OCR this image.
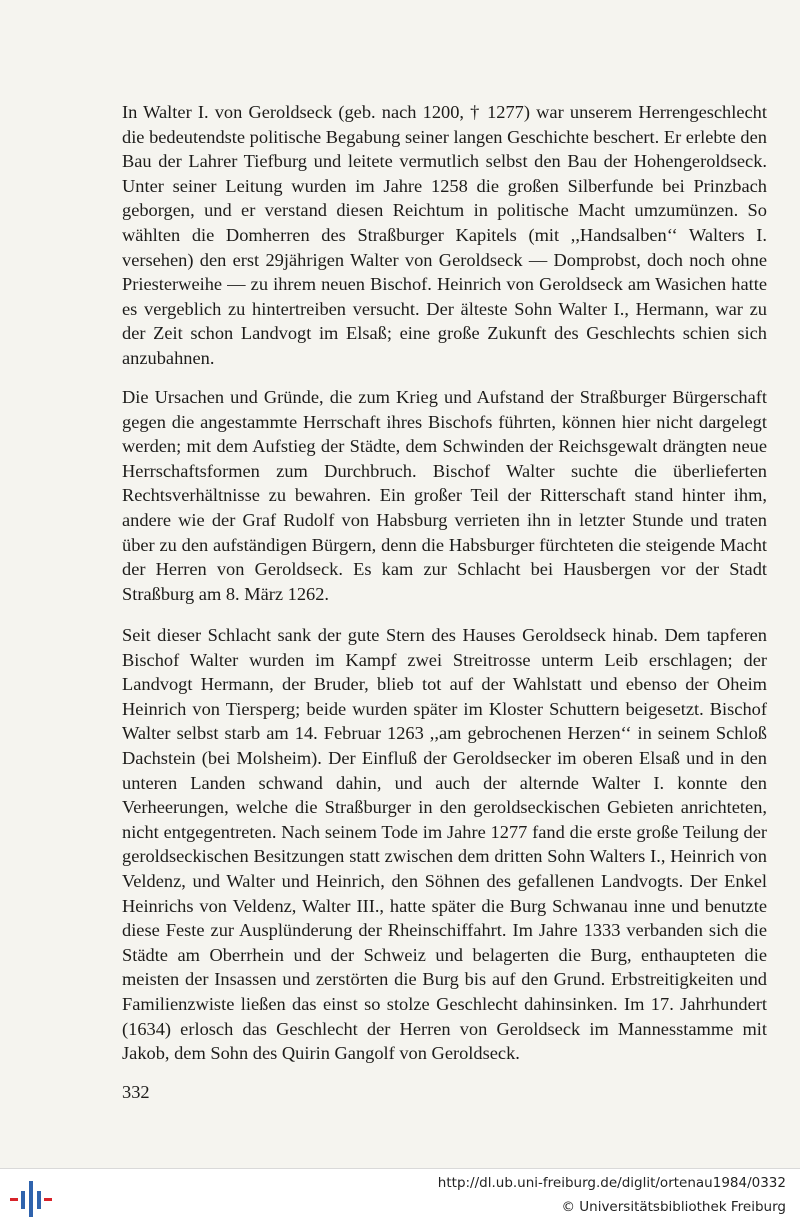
In Walter I. von Geroldseck (geb. nach 1200, † 1277) war unserem Herrengeschlecht die bedeutendste politische Begabung seiner langen Geschichte beschert. Er erlebte den Bau der Lahrer Tiefburg und leitete vermutlich selbst den Bau der Hohengeroldseck. Unter seiner Leitung wurden im Jahre 1258 die großen Silberfunde bei Prinzbach geborgen, und er verstand diesen Reichtum in politische Macht umzumünzen. So wählten die Domherren des Straßburger Kapitels (mit ,,Handsalben‘‘ Walters I. versehen) den erst 29jährigen Walter von Geroldseck — Domprobst, doch noch ohne Priesterweihe — zu ihrem neuen Bischof. Heinrich von Geroldseck am Wasichen hatte es vergeblich zu hintertreiben versucht. Der älteste Sohn Walter I., Hermann, war zu der Zeit schon Landvogt im Elsaß; eine große Zukunft des Geschlechts schien sich anzubahnen.

Die Ursachen und Gründe, die zum Krieg und Aufstand der Straßburger Bürgerschaft gegen die angestammte Herrschaft ihres Bischofs führten, können hier nicht dargelegt werden; mit dem Aufstieg der Städte, dem Schwinden der Reichsgewalt drängten neue Herrschaftsformen zum Durchbruch. Bischof Walter suchte die überlieferten Rechtsverhältnisse zu bewahren. Ein großer Teil der Ritterschaft stand hinter ihm, andere wie der Graf Rudolf von Habsburg verrieten ihn in letzter Stunde und traten über zu den aufständigen Bürgern, denn die Habsburger fürchteten die steigende Macht der Herren von Geroldseck. Es kam zur Schlacht bei Hausbergen vor der Stadt Straßburg am 8. März 1262.

Seit dieser Schlacht sank der gute Stern des Hauses Geroldseck hinab. Dem tapferen Bischof Walter wurden im Kampf zwei Streitrosse unterm Leib erschlagen; der Landvogt Hermann, der Bruder, blieb tot auf der Wahlstatt und ebenso der Oheim Heinrich von Tiersperg; beide wurden später im Kloster Schuttern beigesetzt. Bischof Walter selbst starb am 14. Februar 1263 ,,am gebrochenen Herzen‘‘ in seinem Schloß Dachstein (bei Molsheim). Der Einfluß der Geroldsecker im oberen Elsaß und in den unteren Landen schwand dahin, und auch der alternde Walter I. konnte den Verheerungen, welche die Straßburger in den geroldseckischen Gebieten anrichteten, nicht entgegentreten. Nach seinem Tode im Jahre 1277 fand die erste große Teilung der geroldseckischen Besitzungen statt zwischen dem dritten Sohn Walters I., Heinrich von Veldenz, und Walter und Heinrich, den Söhnen des gefallenen Landvogts. Der Enkel Heinrichs von Veldenz, Walter III., hatte später die Burg Schwanau inne und benutzte diese Feste zur Ausplünderung der Rheinschiffahrt. Im Jahre 1333 verbanden sich die Städte am Oberrhein und der Schweiz und belagerten die Burg, enthaupteten die meisten der Insassen und zerstörten die Burg bis auf den Grund. Erbstreitigkeiten und Familienzwiste ließen das einst so stolze Geschlecht dahinsinken. Im 17. Jahrhundert (1634) erlosch das Geschlecht der Herren von Geroldseck im Mannesstamme mit Jakob, dem Sohn des Quirin Gangolf von Geroldseck.

332

http://dl.ub.uni-freiburg.de/diglit/ortenau1984/0332

© Universitätsbibliothek Freiburg
